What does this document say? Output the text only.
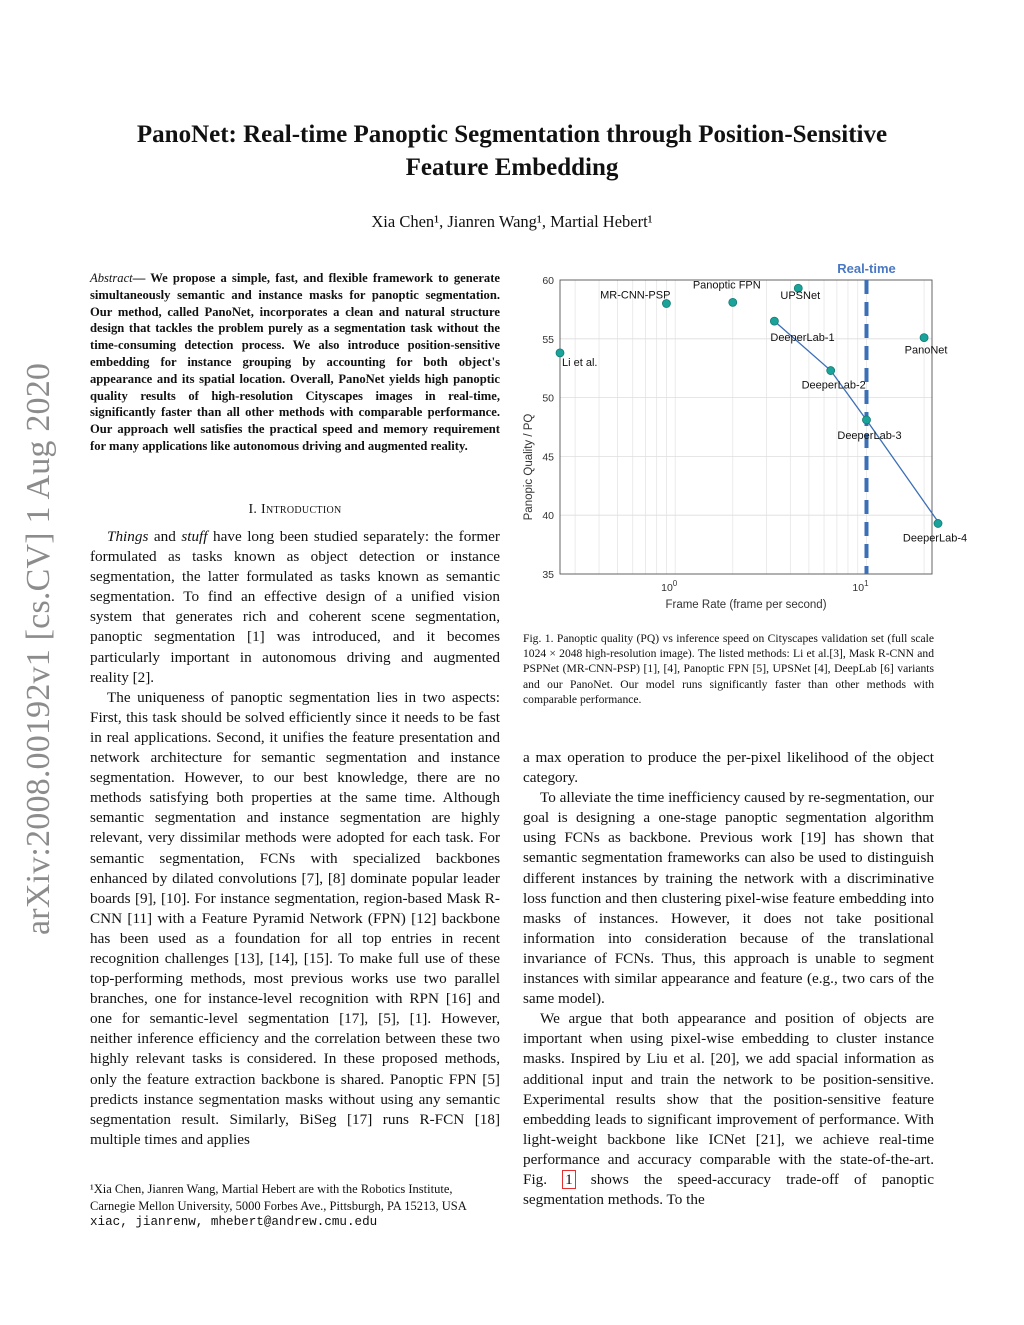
PanoNet: Real-time Panoptic Segmentation through Position-Sensitive
Feature Embedding
Xia Chen¹, Jianren Wang¹, Martial Hebert¹
arXiv:2008.00192v1 [cs.CV] 1 Aug 2020
Abstract— We propose a simple, fast, and flexible framework to generate simultaneously semantic and instance masks for panoptic segmentation. Our method, called PanoNet, incorporates a clean and natural structure design that tackles the problem purely as a segmentation task without the time-consuming detection process. We also introduce position-sensitive embedding for instance grouping by accounting for both object's appearance and its spatial location. Overall, PanoNet yields high panoptic quality results of high-resolution Cityscapes images in real-time, significantly faster than all other methods with comparable performance. Our approach well satisfies the practical speed and memory requirement for many applications like autonomous driving and augmented reality.
I. Introduction

Things and stuff have long been studied separately: the former formulated as tasks known as object detection or instance segmentation, the latter formulated as tasks known as semantic segmentation. To find an effective design of a unified vision system that generates rich and coherent scene segmentation, panoptic segmentation [1] was introduced, and it becomes particularly important in autonomous driving and augmented reality [2].

The uniqueness of panoptic segmentation lies in two aspects: First, this task should be solved efficiently since it needs to be fast in real applications. Second, it unifies the feature presentation and network architecture for semantic segmentation and instance segmentation. However, to our best knowledge, there are no methods satisfying both properties at the same time. Although semantic segmentation and instance segmentation are highly relevant, very dissimilar methods were adopted for each task. For semantic segmentation, FCNs with specialized backbones enhanced by dilated convolutions [7], [8] dominate popular leader boards [9], [10]. For instance segmentation, region-based Mask R-CNN [11] with a Feature Pyramid Network (FPN) [12] backbone has been used as a foundation for all top entries in recent recognition challenges [13], [14], [15]. To make full use of these top-performing methods, most previous works use two parallel branches, one for instance-level recognition with RPN [16] and one for semantic-level segmentation [17], [5], [1]. However, neither inference efficiency and the correlation between these two highly relevant tasks is considered. In these proposed methods, only the feature extraction backbone is shared. Panoptic FPN [5] predicts instance segmentation masks without using any semantic segmentation result. Similarly, BiSeg [17] runs R-FCN [18] multiple times and applies

¹Xia Chen, Jianren Wang, Martial Hebert are with the Robotics Institute, Carnegie Mellon University, 5000 Forbes Ave., Pittsburgh, PA 15213, USA
xiac, jianrenw, mhebert@andrew.cmu.edu
35
40
45
50
55
60
$10^0$	$10^1$
Frame Rate (frame per second)
Panopic Quality / PQ
Real-time
Li et al.
MR-CNN-PSP
Panoptic FPN
UPSNet
DeeperLab-1
DeeperLab-2
DeeperLab-3
DeeperLab-4
PanoNet
Fig. 1. Panoptic quality (PQ) vs inference speed on Cityscapes validation set (full scale 1024 × 2048 high-resolution image). The listed methods: Li et al.[3], Mask R-CNN and PSPNet (MR-CNN-PSP) [1], [4], Panoptic FPN [5], UPSNet [4], DeepLab [6] variants and our PanoNet. Our model runs significantly faster than other methods with comparable performance.

a max operation to produce the per-pixel likelihood of the object category.

To alleviate the time inefficiency caused by re-segmentation, our goal is designing a one-stage panoptic segmentation algorithm using FCNs as backbone. Previous work [19] has shown that semantic segmentation frameworks can also be used to distinguish different instances by training the network with a discriminative loss function and then clustering pixel-wise feature embedding into masks of instances. However, it does not take positional information into consideration because of the translational invariance of FCNs. Thus, this approach is unable to segment instances with similar appearance and feature (e.g., two cars of the same model).

We argue that both appearance and position of objects are important when using pixel-wise embedding to cluster instance masks. Inspired by Liu et al. [20], we add spacial information as additional input and train the network to be position-sensitive. Experimental results show that the position-sensitive feature embedding leads to significant improvement of performance. With light-weight backbone like ICNet [21], we achieve real-time performance and accuracy comparable with the state-of-the-art. Fig. 1 shows the speed-accuracy trade-off of panoptic segmentation methods. To the
